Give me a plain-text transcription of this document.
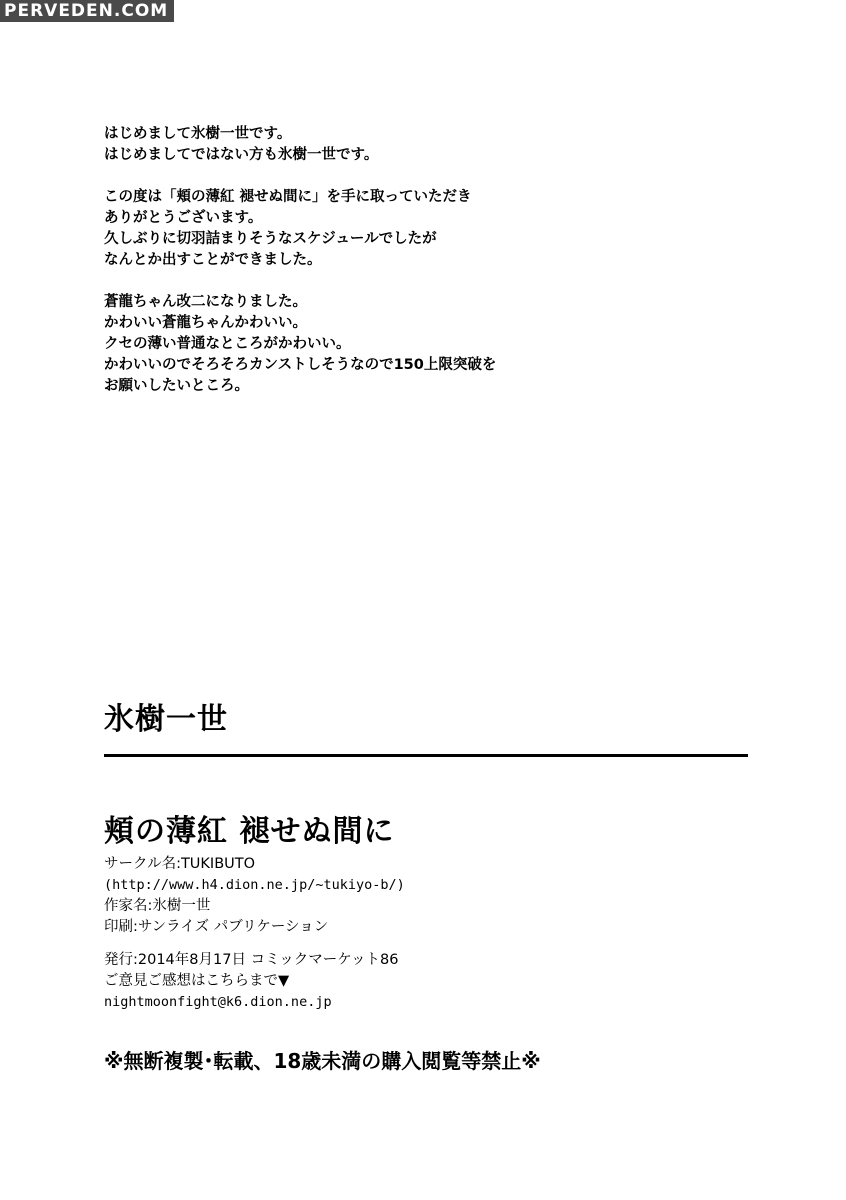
PERVEDEN.COM
はじめまして氷樹一世です。
はじめましてではない方も氷樹一世です。
この度は「頬の薄紅 褪せぬ間に」を手に取っていただき
ありがとうございます。
久しぶりに切羽詰まりそうなスケジュールでしたが
なんとか出すことができました。
蒼龍ちゃん改二になりました。
かわいい蒼龍ちゃんかわいい。
クセの薄い普通なところがかわいい。
かわいいのでそろそろカンストしそうなので150上限突破を
お願いしたいところ。
氷樹一世
頬の薄紅 褪せぬ間に
サークル名:TUKIBUTO
(http://www.h4.dion.ne.jp/~tukiyo-b/)
作家名:氷樹一世
印刷:サンライズ パブリケーション
発行:2014年8月17日 コミックマーケット86
ご意見ご感想はこちらまで▼
nightmoonfight@k6.dion.ne.jp
※無断複製･転載、18歳未満の購入閲覧等禁止※
